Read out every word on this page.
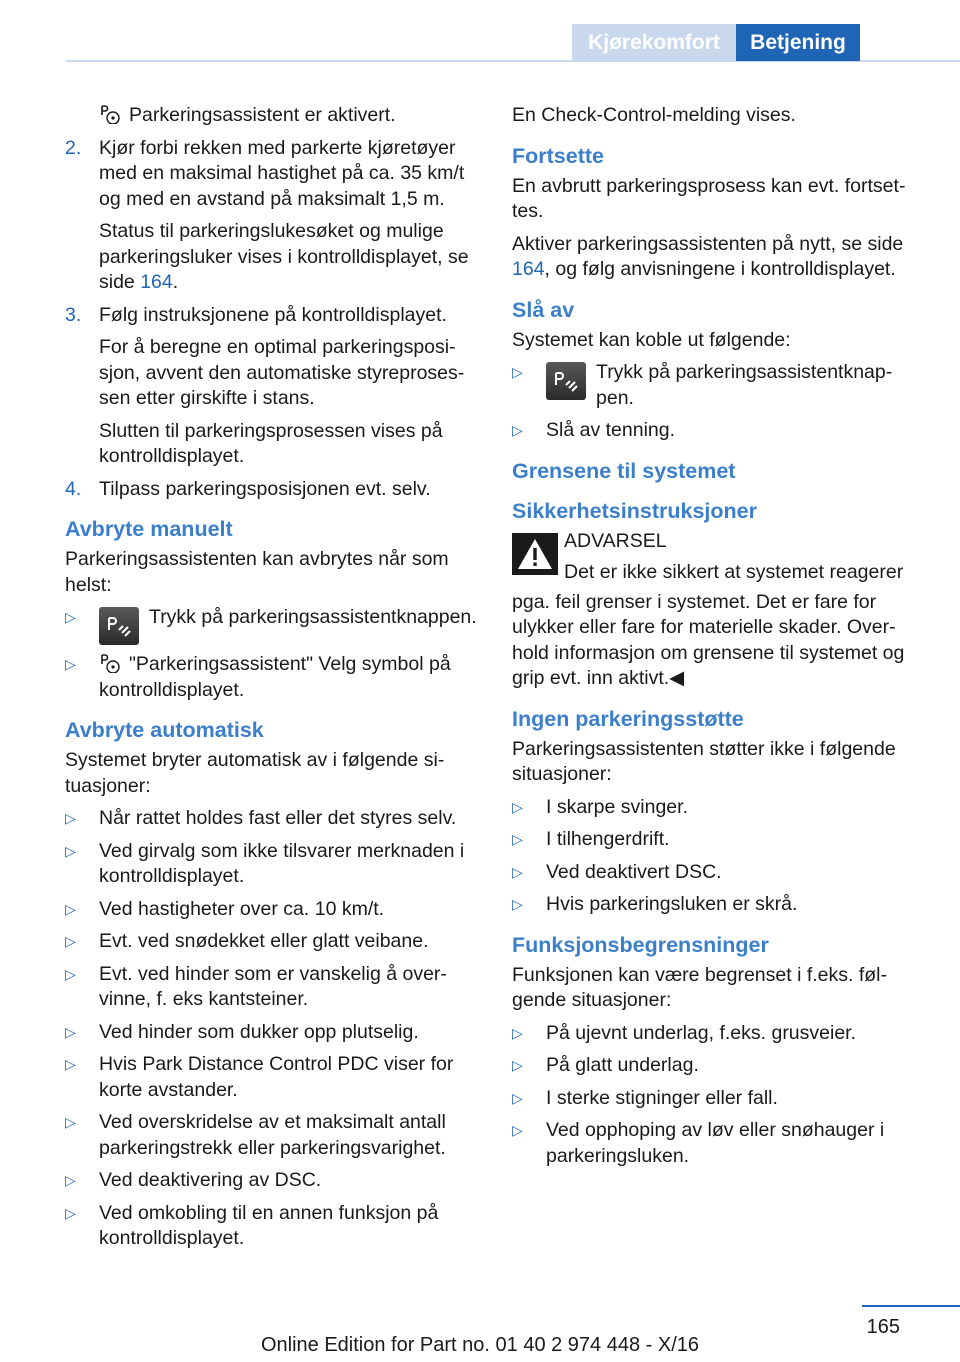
Kjørekomfort	Betjening
Parkeringsassistent er aktivert.
2. Kjør forbi rekken med parkerte kjøretøyer med en maksimal hastighet på ca. 35 km/t og med en avstand på maksimalt 1,5 m.
Status til parkeringslukesøket og mulige parkeringsluker vises i kontrolldisplayet, se side 164.
3. Følg instruksjonene på kontrolldisplayet.
For å beregne en optimal parkeringsposisjon, avvent den automatiske styreprosessen etter girskifte i stans.
Slutten til parkeringsprosessen vises på kontrolldisplayet.
4. Tilpass parkeringsposisjonen evt. selv.
Avbryte manuelt

Parkeringsassistenten kan avbrytes når som helst:

▷	Trykk på parkeringsassistentknappen.
▷	"Parkeringsassistent" Velg symbol på kontrolldisplayet.
Avbryte automatisk

Systemet bryter automatisk av i følgende situasjoner:

▷	Når rattet holdes fast eller det styres selv.
▷	Ved girvalg som ikke tilsvarer merknaden i kontrolldisplayet.
▷	Ved hastigheter over ca. 10 km/t.
▷	Evt. ved snødekket eller glatt veibane.
▷	Evt. ved hinder som er vanskelig å overvinne, f. eks kantsteiner.
▷	Ved hinder som dukker opp plutselig.
▷	Hvis Park Distance Control PDC viser for korte avstander.
▷	Ved overskridelse av et maksimalt antall parkeringstrekk eller parkeringsvarighet.
▷	Ved deaktivering av DSC.
▷	Ved omkobling til en annen funksjon på kontrolldisplayet.

En Check-Control-melding vises.

Fortsette

En avbrutt parkeringsprosess kan evt. fortsettes.

Aktiver parkeringsassistenten på nytt, se side 164, og følg anvisningene i kontrolldisplayet.

Slå av

Systemet kan koble ut følgende:

▷	Trykk på parkeringsassistentknappen.
▷	Slå av tenning.
Grensene til systemet
Sikkerhetsinstruksjoner
ADVARSEL
Det er ikke sikkert at systemet reagerer

pga. feil grenser i systemet. Det er fare for ulykker eller fare for materielle skader. Overhold informasjon om grensene til systemet og grip evt. inn aktivt.◀

Ingen parkeringsstøtte

Parkeringsassistenten støtter ikke i følgende situasjoner:

▷	I skarpe svinger.
▷	I tilhengerdrift.
▷	Ved deaktivert DSC.
▷	Hvis parkeringsluken er skrå.
Funksjonsbegrensninger

Funksjonen kan være begrenset i f.eks. følgende situasjoner:

▷	På ujevnt underlag, f.eks. grusveier.
▷	På glatt underlag.
▷	I sterke stigninger eller fall.
▷	Ved opphoping av løv eller snøhauger i parkeringsluken.
165
Online Edition for Part no. 01 40 2 974 448 - X/16
